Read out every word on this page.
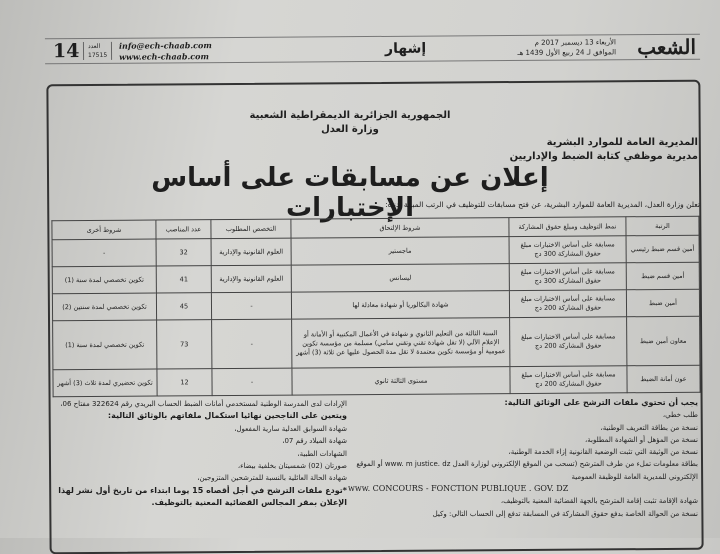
الشعب
الأربعاء 13 ديسمبر 2017 م
الموافق لـ 24 ربيع الأول 1439 هـ
إشهار
14 العدد
17515
info@ech-chaab.com
www.ech-chaab.com
الجمهورية الجزائرية الديمقراطية الشعبية
وزارة العدل
المديرية العامة للموارد البشرية
مديرية موظفي كتابة الضبط والإداريين
إعلان عن مسابقات على أساس الإختبارات
تعلن وزارة العدل، المديرية العامة للموارد البشرية، عن فتح مسابقات للتوظيف في الرتب المبينة أدناه:
الرتبة	نمط التوظيف ومبلغ حقوق المشاركة	شروط الإلتحاق	التخصص المطلوب	عدد المناصب	شروط أخرى
أمين قسم ضبط رئيسي	مسابقة على أساس الاختبارات مبلغ حقوق المشاركة 300 دج	ماجستير	العلوم القانونية والإدارية	32	-
أمين قسم ضبط	مسابقة على أساس الاختبارات مبلغ حقوق المشاركة 300 دج	ليسانس	العلوم القانونية والإدارية	41	تكوين تخصصي لمدة سنة (1)
أمين ضبط	مسابقة على أساس الاختبارات مبلغ حقوق المشاركة 200 دج	شهادة البكالوريا أو شهادة معادلة لها	-	45	تكوين تخصصي لمدة سنتين (2)
معاون أمين ضبط	مسابقة على أساس الاختبارات مبلغ حقوق المشاركة 200 دج	السنة الثالثة من التعليم الثانوي و شهادة في الأعمال المكتبية أو الأمانة أو الإعلام الآلي (لا تقل شهادة تقني وتقني سامي) مسلمة من مؤسسة تكوين عمومية أو مؤسسة تكوين معتمدة لا تقل مدة الحصول عليها عن ثلاثة (3) أشهر	-	73	تكوين تخصصي لمدة سنة (1)
عون أمانة الضبط	مسابقة على أساس الاختبارات مبلغ حقوق المشاركة 200 دج	مستوى الثالثة ثانوي	-	12	تكوين تحضيري لمدة ثلاث (3) أشهر
يجب أن تحتوي ملفات الترشح على الوثائق التالية:
طلب خطي،
نسخة من بطاقة التعريف الوطنية،
نسخة من المؤهل أو الشهادة المطلوبة،
نسخة من الوثيقة التي تثبت الوضعية القانونية إزاء الخدمة الوطنية،
بطاقة معلومات تملء من طرف المترشح (تسحب من الموقع الإلكتروني لوزارة العدل www. m justice. dz أو الموقع الإلكتروني للمديرية العامة للوظيفة العمومية
www. CONCOURS - FONCTION PUBLIQUE . GOV. DZ
شهادة الإقامة تثبت إقامة المترشح بالجهة القضائية المعنية بالتوظيف،
نسخة من الحوالة الخاصة بدفع حقوق المشاركة في المسابقة تدفع إلى الحساب التالي: وكيل
الإرادات لدى المدرسة الوطنية لمستخدمي أمانات الضبط الحساب البريدي رقم 322624 مفتاح 06،
ويتعين على الناجحين نهائيا استكمال ملفاتهم بالوثائق التالية:
شهادة السوابق العدلية سارية المفعول،
شهادة الميلاد رقم 07،
الشهادات الطبية،
صورتان (02) شمسيتان بخلفية بيضاء،
شهادة الحالة العائلية بالنسبة للمترشحين المتزوجين،
*تودع ملفات الترشح في أجل أقصاه 15 يوما ابتداء من تاريخ أول نشر لهذا الإعلان بمقر المجالس القضائية المعنية بالتوظيف.
